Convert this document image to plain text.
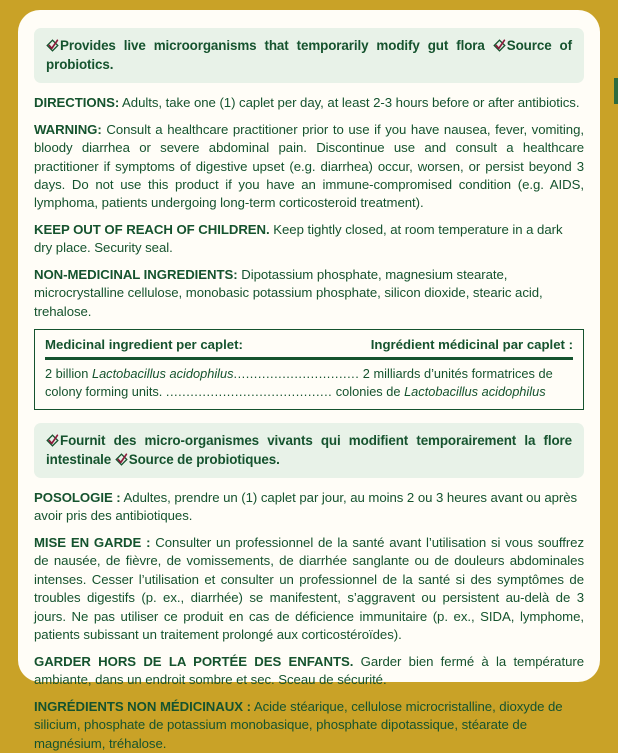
Provides live microorganisms that temporarily modify gut flora Source of probiotics.

DIRECTIONS: Adults, take one (1) caplet per day, at least 2-3 hours before or after antibiotics.

WARNING: Consult a healthcare practitioner prior to use if you have nausea, fever, vomiting, bloody diarrhea or severe abdominal pain. Discontinue use and consult a healthcare practitioner if symptoms of digestive upset (e.g. diarrhea) occur, worsen, or persist beyond 3 days. Do not use this product if you have an immune-compromised condition (e.g. AIDS, lymphoma, patients undergoing long-term corticosteroid treatment).

KEEP OUT OF REACH OF CHILDREN. Keep tightly closed, at room temperature in a dark dry place. Security seal.

NON-MEDICINAL INGREDIENTS: Dipotassium phosphate, magnesium stearate, microcrystalline cellulose, monobasic potassium phosphate, silicon dioxide, stearic acid, trehalose.

Medicinal ingredient per caplet:	Ingrédient médicinal par caplet :
2 billion Lactobacillus acidophilus............................... 2 milliards d’unités formatrices de
colony forming units. ......................................... colonies de Lactobacillus acidophilus

Fournit des micro-organismes vivants qui modifient temporairement la flore intestinale Source de probiotiques.

POSOLOGIE : Adultes, prendre un (1) caplet par jour, au moins 2 ou 3 heures avant ou après avoir pris des antibiotiques.

MISE EN GARDE : Consulter un professionnel de la santé avant l’utilisation si vous souffrez de nausée, de fièvre, de vomissements, de diarrhée sanglante ou de douleurs abdominales intenses. Cesser l’utilisation et consulter un professionnel de la santé si des symptômes de troubles digestifs (p. ex., diarrhée) se manifestent, s’aggravent ou persistent au-delà de 3 jours. Ne pas utiliser ce produit en cas de déficience immunitaire (p. ex., SIDA, lymphome, patients subissant un traitement prolongé aux corticostéroïdes).

GARDER HORS DE LA PORTÉE DES ENFANTS. Garder bien fermé à la température ambiante, dans un endroit sombre et sec. Sceau de sécurité.

INGRÉDIENTS NON MÉDICINAUX : Acide stéarique, cellulose microcristalline, dioxyde de silicium, phosphate de potassium monobasique, phosphate dipotassique, stéarate de magnésium, tréhalose.
